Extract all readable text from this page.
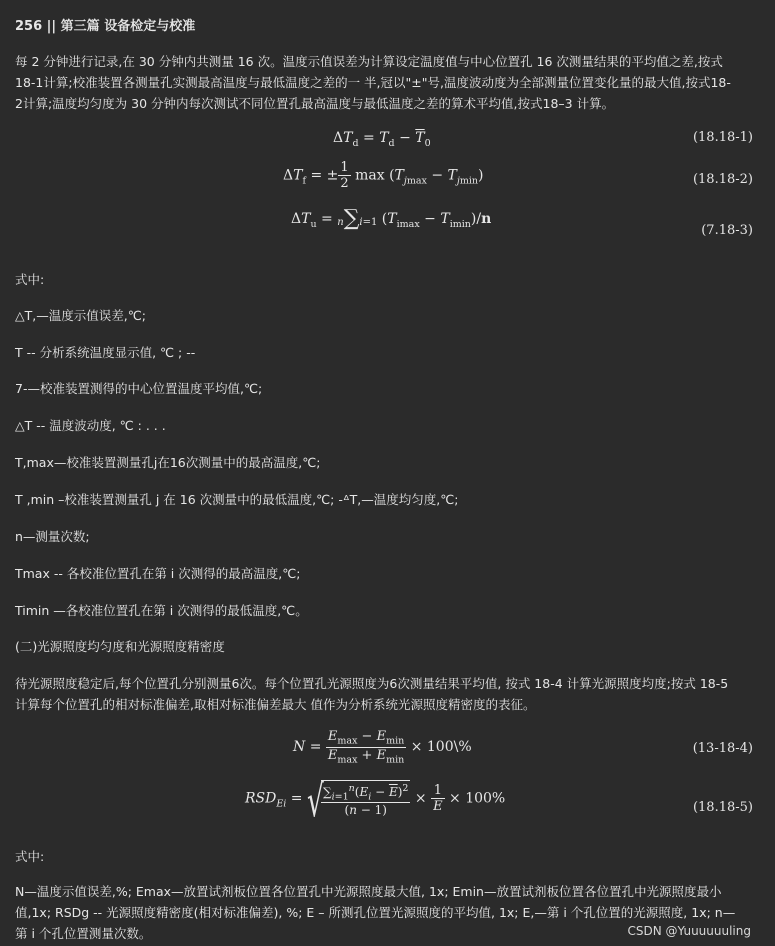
256 || 第三篇 设备检定与校准
每 2 分钟进行记录,在 30 分钟内共测量 16 次。温度示值误差为计算设定温度值与中心位置孔 16 次测量结果的平均值之差,按式
18-1计算;校准装置各测量孔实测最高温度与最低温度之差的一 半,冠以"±"号,温度波动度为全部测量位置变化量的最大值,按式18-
2计算;温度均匀度为 30 分钟内每次测试不同位置孔最高温度与最低温度之差的算术平均值,按式18–3 计算。
$\Delta T_d = T_d - \overline{T}_0$	(18.18-1)
$\Delta T_f$ = ± $\frac{1}{2}$ $\max (T_{jmax} - T_{jmin})$	(18.18-2)
$\Delta T_u = n\sum i=1$ $(T_{imax} - T_{imin})/n$
(7.18-3)
式中:
△T,—温度示值误差,℃;
T -- 分析系统温度显示值, ℃ ; --
7-—校准装置测得的中心位置温度平均值,℃;
△T -- 温度波动度, ℃ : . . .
T,max—校准装置测量孔j在16次测量中的最高温度,℃;
T ,min –校准装置测量孔 j 在 16 次测量中的最低温度,℃; -ᐞT,—温度均匀度,℃;
n—测量次数;
Tmax -- 各校准位置孔在第 i 次测得的最高温度,℃;
Timin —各校准位置孔在第 i 次测得的最低温度,℃。
(二)光源照度均匀度和光源照度精密度
待光源照度稳定后,每个位置孔分别测量6次。每个位置孔光源照度为6次测量结果平均值, 按式 18-4 计算光源照度均度;按式 18-5
计算每个位置孔的相对标准偏差,取相对标准偏差最大 值作为分析系统光源照度精密度的表征。
$N = \frac{E_{max} - E_{min}}{E_{max} + E_{min}}$ × 100\%	(13-18-4)
$RSD_{Ei}$ = √
$\frac{\sum_{i=1}^n(E_i - \overline{E})^2}{(n - 1)} \times \frac{1}{E} \times 100\%$
(18.18-5)
式中:
N—温度示值误差,%; Emax—放置试剂板位置各位置孔中光源照度最大值, 1x; Emin—放置试剂板位置各位置孔中光源照度最小
值,1x; RSDg -- 光源照度精密度(相对标准偏差), %; E – 所测孔位置光源照度的平均值, 1x; E,—第 i 个孔位置的光源照度, 1x; n—
第 i 个孔位置测量次数。	CSDN @Yuuuuuuling
